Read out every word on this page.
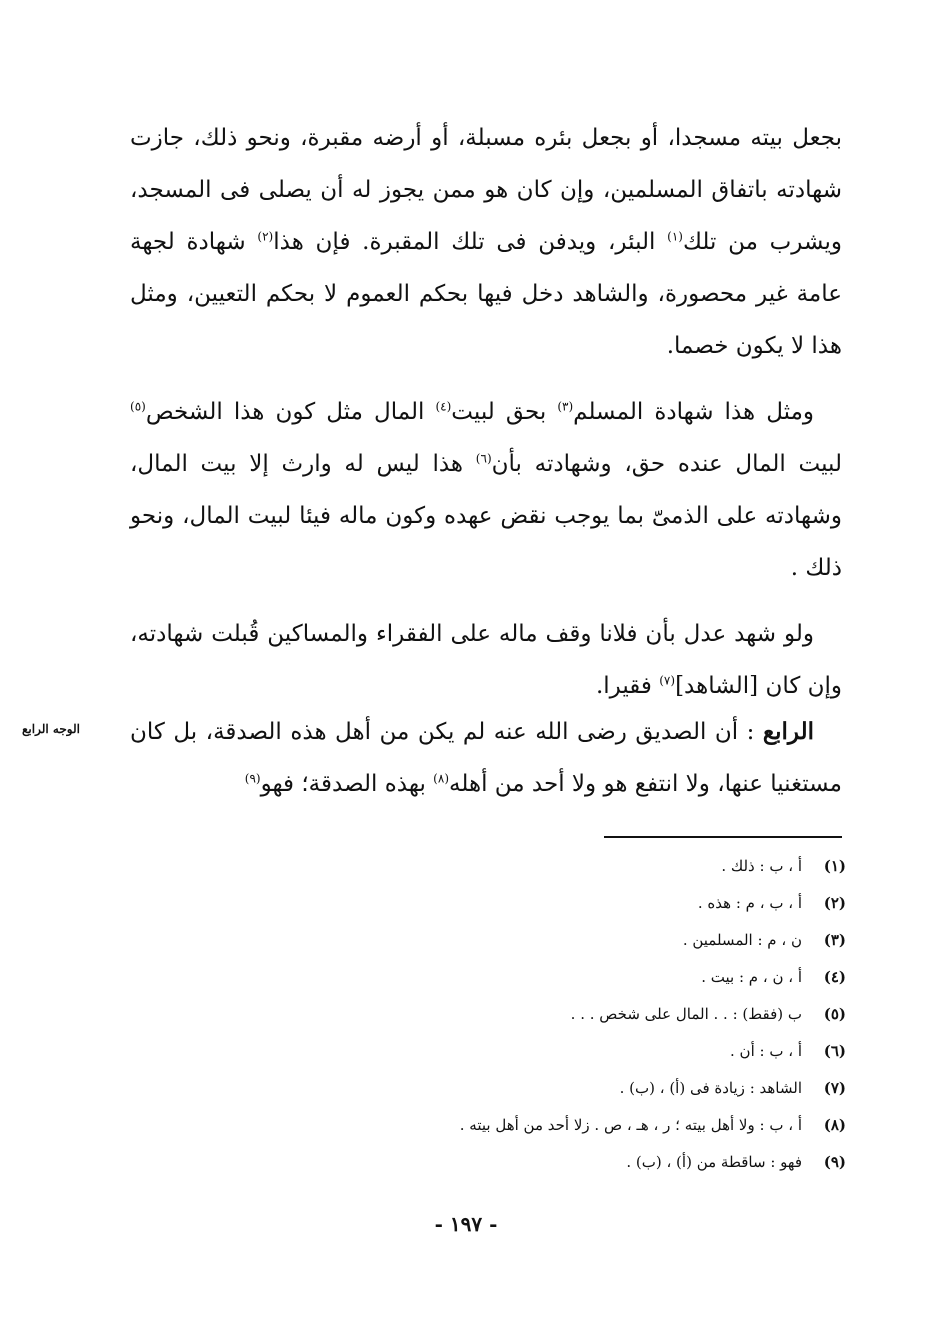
بجعل بيته مسجدا، أو بجعل بئره مسبلة، أو أرضه مقبرة، ونحو ذلك، جازت شهادته باتفاق المسلمين، وإن كان هو ممن يجوز له أن يصلى فى المسجد، ويشرب من تلك$^{(١)}$ البئر، ويدفن فى تلك المقبرة. فإن هذا$^{(٢)}$ شهادة لجهة عامة غير محصورة، والشاهد دخل فيها بحكم العموم لا بحكم التعيين، ومثل هذا لا يكون خصما.

ومثل هذا شهادة المسلم$^{(٣)}$ بحق لبيت$^{(٤)}$ المال مثل كون هذا الشخص$^{(٥)}$ لبيت المال عنده حق، وشهادته بأن$^{(٦)}$ هذا ليس له وارث إلا بيت المال، وشهادته على الذمىّ بما يوجب نقض عهده وكون ماله فيئا لبيت المال، ونحو ذلك .

ولو شهد عدل بأن فلانا وقف ماله على الفقراء والمساكين قُبلت شهادته، وإن كان [الشاهد]$^{(٧)}$ فقيرا.

الوجه الرابع	الرابع : أن الصديق رضى الله عنه لم يكن من أهل هذه الصدقة، بل كان مستغنيا عنها، ولا انتفع هو ولا أحد من أهله$^{(٨)}$ بهذه الصدقة؛ فهو$^{(٩)}$

(١)
أ ، ب : ذلك .
(٢)
أ ، ب ، م : هذه .
(٣)
ن ، م : المسلمين .
(٤)
أ ، ن ، م : بيت .
(٥)
ب (فقط) : . . المال على شخص . . .
(٦)
أ ، ب : أن .
(٧)
الشاهد : زيادة فى (أ) ، (ب) .
(٨)
أ ، ب : ولا أهل بيته ؛ ر ، هـ ، ص . زلا أحد من أهل بيته .
(٩)
فهو : ساقطة من (أ) ، (ب) .
- ١٩٧ -
